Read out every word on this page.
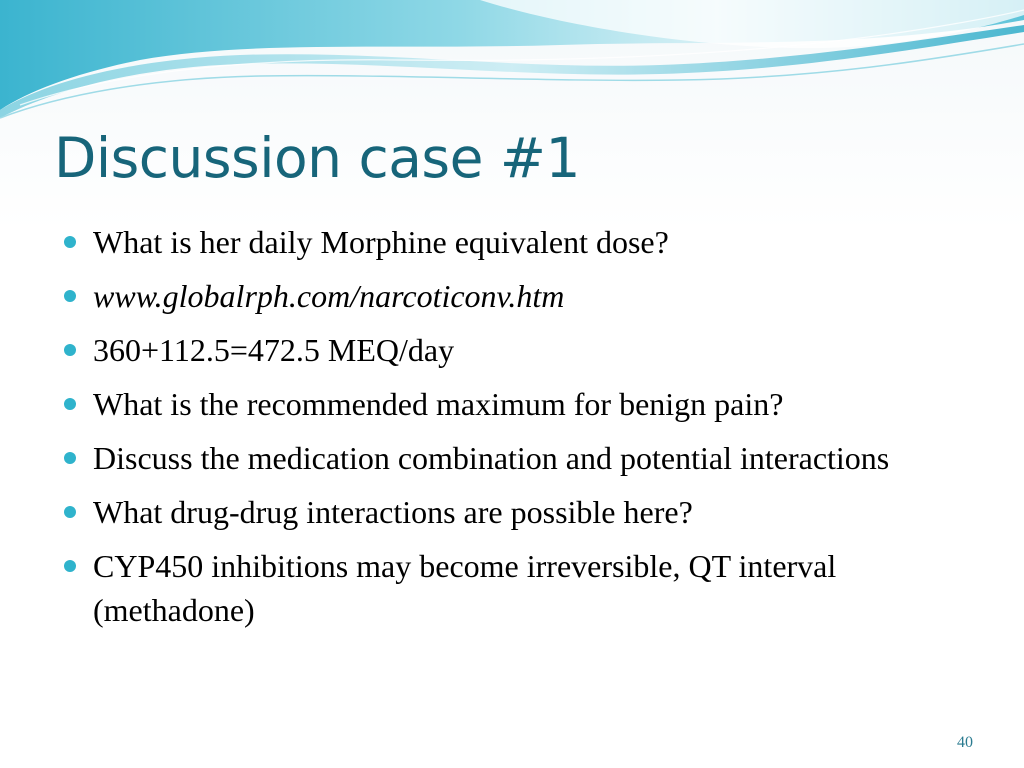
Discussion case #1
What is her daily Morphine equivalent dose?
www.globalrph.com/narcoticonv.htm
360+112.5=472.5 MEQ/day
What is the recommended maximum for benign pain?
Discuss the medication combination and potential interactions
What drug-drug interactions are possible here?
CYP450 inhibitions may become irreversible, QT interval (methadone)
40
